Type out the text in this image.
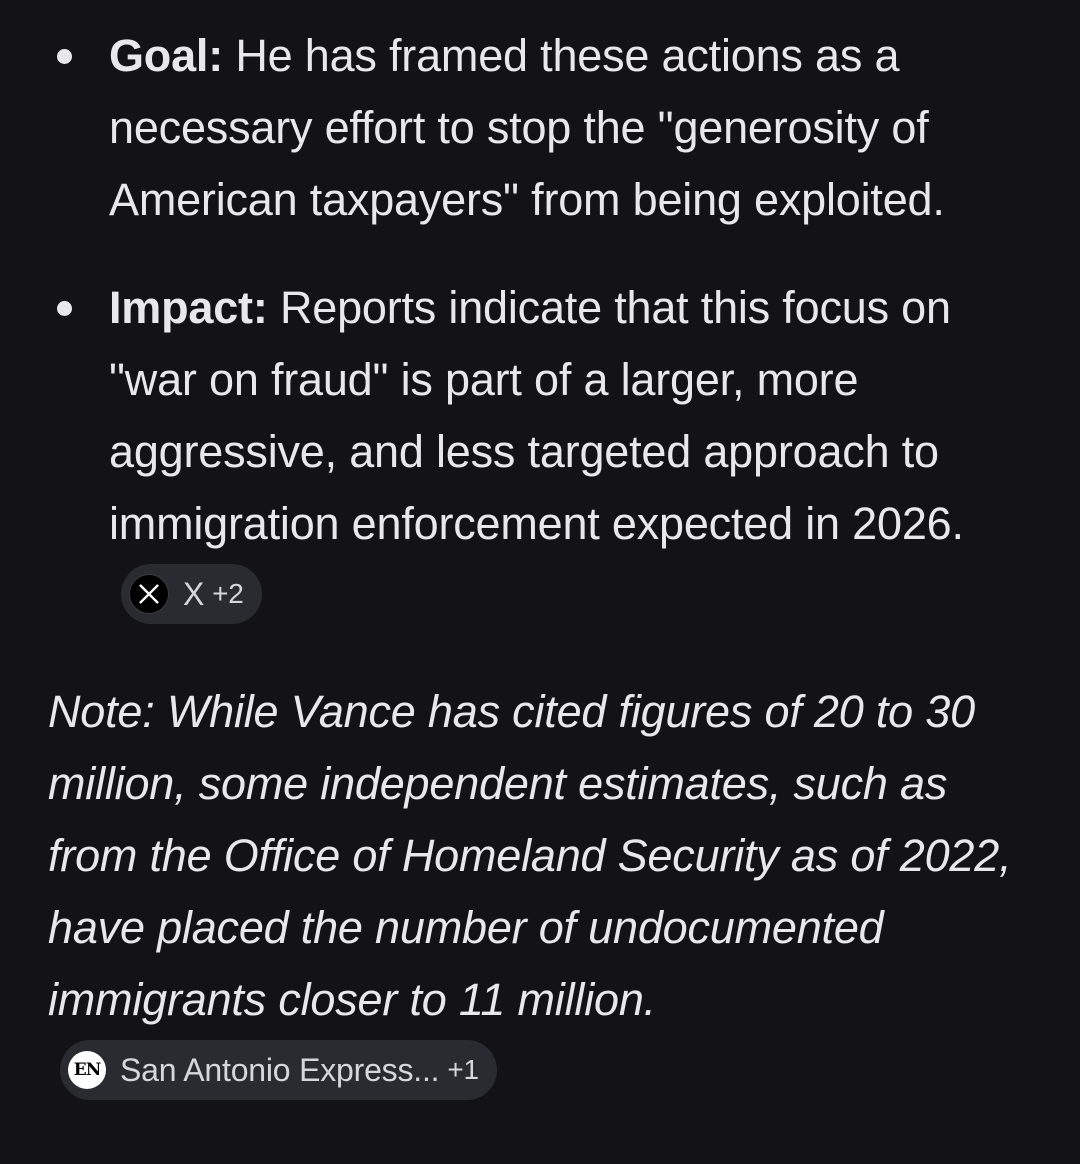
Goal: He has framed these actions as a necessary effort to stop the "generosity of American taxpayers" from being exploited.
Impact: Reports indicate that this focus on "war on fraud" is part of a larger, more aggressive, and less targeted approach to immigration enforcement expected in 2026.
X +2

Note: While Vance has cited figures of 20 to 30 million, some independent estimates, such as from the Office of Homeland Security as of 2022, have placed the number of undocumented immigrants closer to 11 million.
EN San Antonio Express... +1
